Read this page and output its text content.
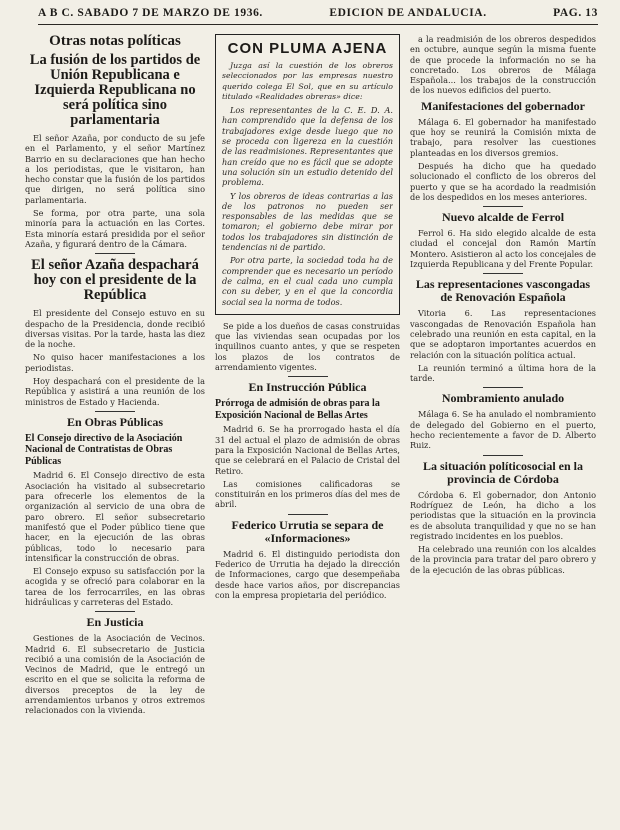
A B C. SABADO 7 DE MARZO DE 1936.	EDICION DE ANDALUCIA.	PAG. 13
Otras notas políticas
La fusión de los partidos de Unión Republicana e Izquierda Republicana no será política sino parlamentaria

El señor Azaña, por conducto de su jefe en el Parlamento, y el señor Martínez Barrio en su declaraciones que han hecho a los periodistas, que le visitaron, han hecho constar que la fusión de los partidos que dirigen, no será política sino parlamentaria.

Se forma, por otra parte, una sola minoría para la actuación en las Cortes. Esta minoría estará presidida por el señor Azaña, y figurará dentro de la Cámara.

El señor Azaña despachará hoy con el presidente de la República

El presidente del Consejo estuvo en su despacho de la Presidencia, donde recibió diversas visitas. Por la tarde, hasta las diez de la noche.

No quiso hacer manifestaciones a los periodistas.

Hoy despachará con el presidente de la República y asistirá a una reunión de los ministros de Estado y Hacienda.

En Obras Públicas
El Consejo directivo de la Asociación Nacional de Contratistas de Obras Públicas

Madrid 6. El Consejo directivo de esta Asociación ha visitado al subsecretario para ofrecerle los elementos de la organización al servicio de una obra de paro obrero. El señor subsecretario manifestó que el Poder público tiene que hacer, en la ejecución de las obras públicas, todo lo necesario para intensificar la construcción de obras.

El Consejo expuso su satisfacción por la acogida y se ofreció para colaborar en la tarea de los ferrocarriles, en las obras hidráulicas y carreteras del Estado.

En Justicia

Gestiones de la Asociación de Vecinos. Madrid 6. El subsecretario de Justicia recibió a una comisión de la Asociación de Vecinos de Madrid, que le entregó un escrito en el que se solicita la reforma de diversos preceptos de la ley de arrendamientos urbanos y otros extremos relacionados con la vivienda.

CON PLUMA AJENA

Juzga así la cuestión de los obreros seleccionados por las empresas nuestro querido colega El Sol, que en su artículo titulado «Realidades obreras» dice:

Los representantes de la C. E. D. A. han comprendido que la defensa de los trabajadores exige desde luego que no se proceda con ligereza en la cuestión de las readmisiones. Representantes que han creído que no es fácil que se adopte una solución sin un estudio detenido del problema.

Y los obreros de ideas contrarias a las de los patronos no pueden ser responsables de las medidas que se tomaron; el gobierno debe mirar por todos los trabajadores sin distinción de tendencias ni de partido.

Por otra parte, la sociedad toda ha de comprender que es necesario un período de calma, en el cual cada uno cumpla con su deber, y en el que la concordia social sea la norma de todos.

Se pide a los dueños de casas construidas que las viviendas sean ocupadas por los inquilinos cuanto antes, y que se respeten los plazos de los contratos de arrendamiento vigentes.

En Instrucción Pública
Prórroga de admisión de obras para la Exposición Nacional de Bellas Artes

Madrid 6. Se ha prorrogado hasta el día 31 del actual el plazo de admisión de obras para la Exposición Nacional de Bellas Artes, que se celebrará en el Palacio de Cristal del Retiro.

Las comisiones calificadoras se constituirán en los primeros días del mes de abril.

Federico Urrutia se separa de «Informaciones»

Madrid 6. El distinguido periodista don Federico de Urrutia ha dejado la dirección de Informaciones, cargo que desempeñaba desde hace varios años, por discrepancias con la empresa propietaria del periódico.

a la readmisión de los obreros despedidos en octubre, aunque según la misma fuente de que procede la información no se ha concretado. Los obreros de Málaga Española... los trabajos de la construcción de los nuevos edificios del puerto.

Manifestaciones del gobernador

Málaga 6. El gobernador ha manifestado que hoy se reunirá la Comisión mixta de trabajo, para resolver las cuestiones planteadas en los diversos gremios.

Después ha dicho que ha quedado solucionado el conflicto de los obreros del puerto y que se ha acordado la readmisión de los despedidos en los meses anteriores.

Nuevo alcalde de Ferrol

Ferrol 6. Ha sido elegido alcalde de esta ciudad el concejal don Ramón Martín Montero. Asistieron al acto los concejales de Izquierda Republicana y del Frente Popular.

Las representaciones vascongadas de Renovación Española

Vitoria 6. Las representaciones vascongadas de Renovación Española han celebrado una reunión en esta capital, en la que se adoptaron importantes acuerdos en relación con la situación política actual.

La reunión terminó a última hora de la tarde.

Nombramiento anulado

Málaga 6. Se ha anulado el nombramiento de delegado del Gobierno en el puerto, hecho recientemente a favor de D. Alberto Ruiz.

La situación políticosocial en la provincia de Córdoba

Córdoba 6. El gobernador, don Antonio Rodríguez de León, ha dicho a los periodistas que la situación en la provincia es de absoluta tranquilidad y que no se han registrado incidentes en los pueblos.

Ha celebrado una reunión con los alcaldes de la provincia para tratar del paro obrero y de la ejecución de las obras públicas.
